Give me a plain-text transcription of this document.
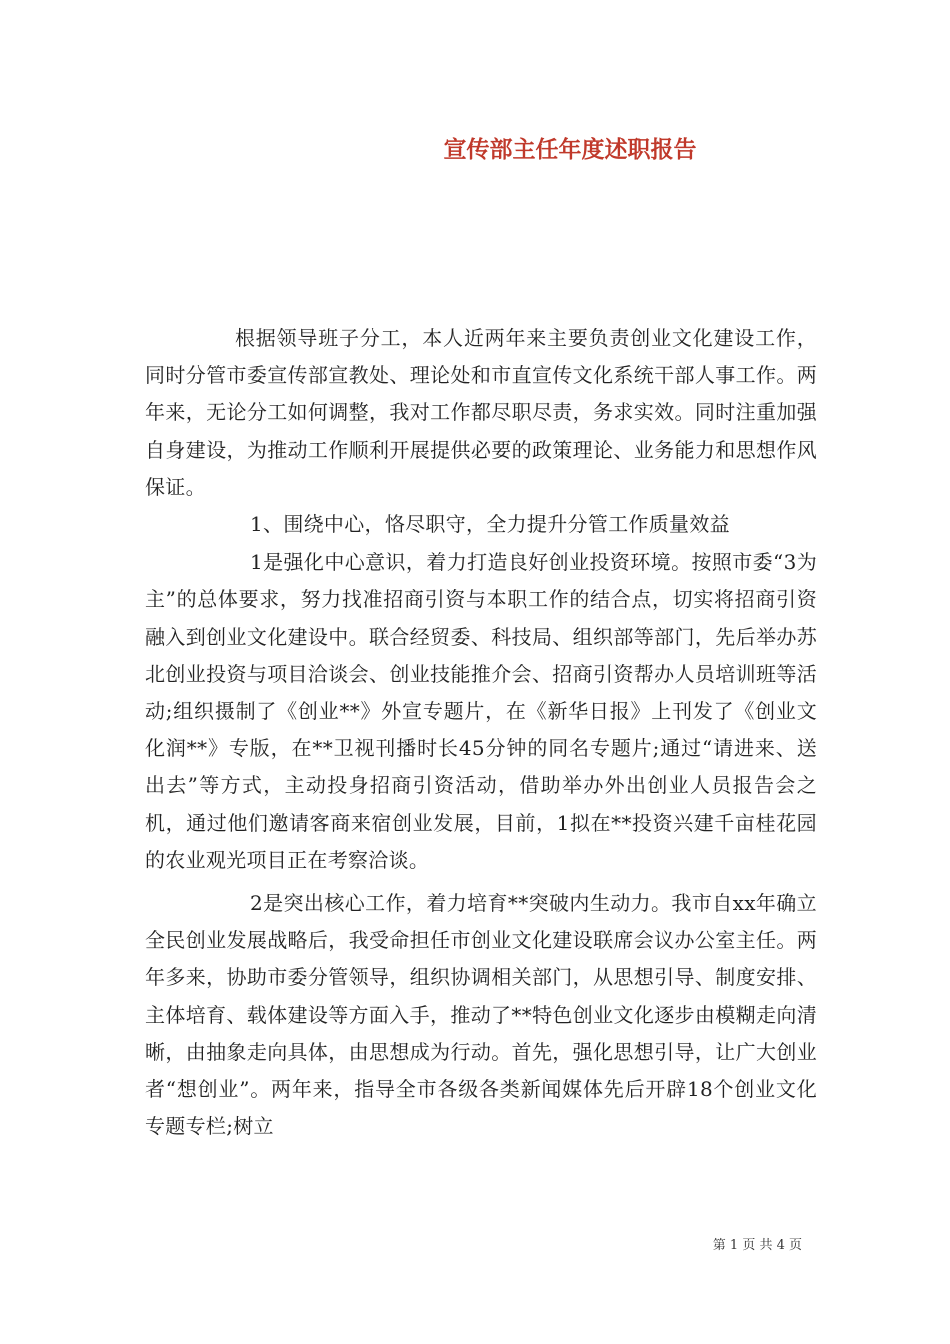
宣传部主任年度述职报告

根据领导班子分工，本人近两年来主要负责创业文化建设工作，同时分管市委宣传部宣教处、理论处和市直宣传文化系统干部人事工作。两年来，无论分工如何调整，我对工作都尽职尽责，务求实效。同时注重加强自身建设，为推动工作顺利开展提供必要的政策理论、业务能力和思想作风保证。

1、围绕中心，恪尽职守，全力提升分管工作质量效益

1是强化中心意识，着力打造良好创业投资环境。按照市委“3为主”的总体要求，努力找准招商引资与本职工作的结合点，切实将招商引资融入到创业文化建设中。联合经贸委、科技局、组织部等部门，先后举办苏北创业投资与项目洽谈会、创业技能推介会、招商引资帮办人员培训班等活动;组织摄制了《创业**》外宣专题片，在《新华日报》上刊发了《创业文化润**》专版，在**卫视刊播时长45分钟的同名专题片;通过“请进来、送出去”等方式，主动投身招商引资活动，借助举办外出创业人员报告会之机，通过他们邀请客商来宿创业发展，目前，1拟在**投资兴建千亩桂花园的农业观光项目正在考察洽谈。

2是突出核心工作，着力培育**突破内生动力。我市自xx年确立全民创业发展战略后，我受命担任市创业文化建设联席会议办公室主任。两年多来，协助市委分管领导，组织协调相关部门，从思想引导、制度安排、主体培育、载体建设等方面入手，推动了**特色创业文化逐步由模糊走向清晰，由抽象走向具体，由思想成为行动。首先，强化思想引导，让广大创业者“想创业”。两年来，指导全市各级各类新闻媒体先后开辟18个创业文化专题专栏;树立

第 1 页 共 4 页
